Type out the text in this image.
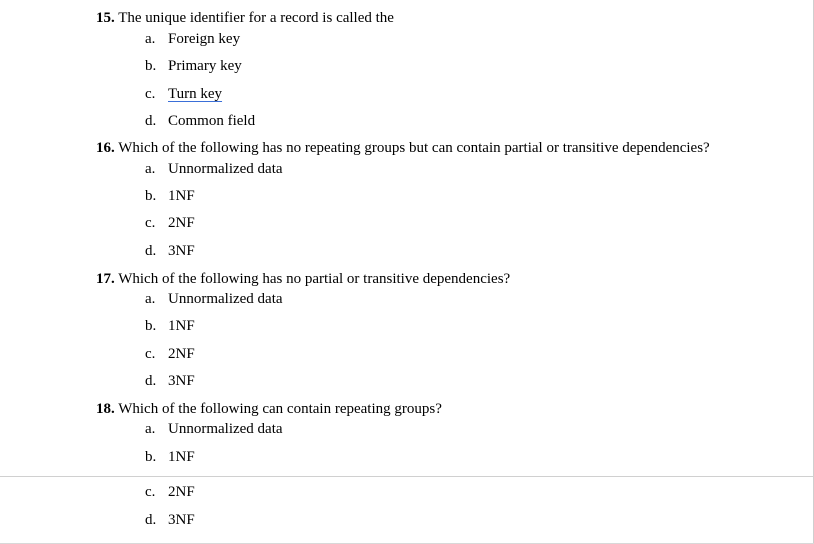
15. The unique identifier for a record is called the
a. Foreign key
b. Primary key
c. Turn key
d. Common field
16. Which of the following has no repeating groups but can contain partial or transitive dependencies?
a. Unnormalized data
b. 1NF
c. 2NF
d. 3NF
17. Which of the following has no partial or transitive dependencies?
a. Unnormalized data
b. 1NF
c. 2NF
d. 3NF
18. Which of the following can contain repeating groups?
a. Unnormalized data
b. 1NF
c. 2NF
d. 3NF
